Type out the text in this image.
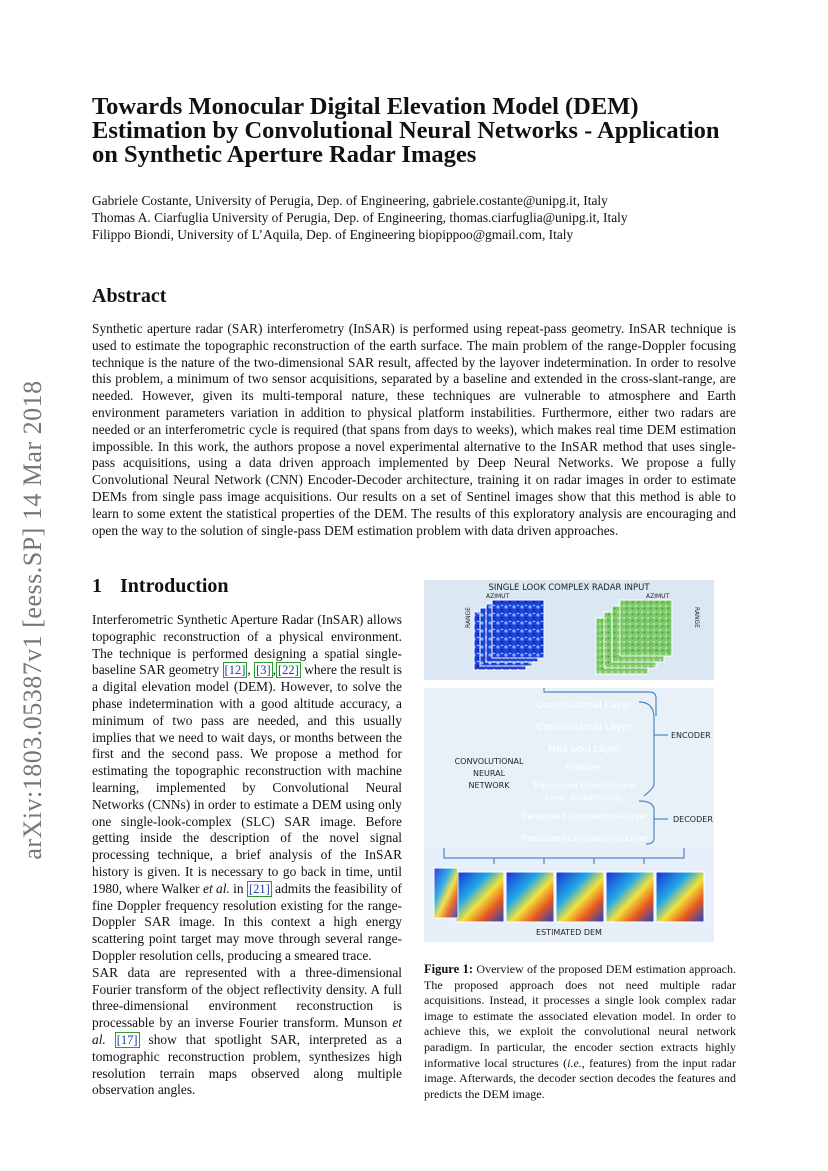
arXiv:1803.05387v1 [eess.SP] 14 Mar 2018
Towards Monocular Digital Elevation Model (DEM) Estimation by Convolutional Neural Networks - Application on Synthetic Aperture Radar Images
Gabriele Costante, University of Perugia, Dep. of Engineering, gabriele.costante@unipg.it, Italy
Thomas A. Ciarfuglia University of Perugia, Dep. of Engineering, thomas.ciarfuglia@unipg.it, Italy
Filippo Biondi, University of L’Aquila, Dep. of Engineering biopippoo@gmail.com, Italy
Abstract

Synthetic aperture radar (SAR) interferometry (InSAR) is performed using repeat-pass geometry. InSAR technique is used to estimate the topographic reconstruction of the earth surface. The main problem of the range-Doppler focusing technique is the nature of the two-dimensional SAR result, affected by the layover indetermination. In order to resolve this problem, a minimum of two sensor acquisitions, separated by a baseline and extended in the cross-slant-range, are needed. However, given its multi-temporal nature, these techniques are vulnerable to atmosphere and Earth environment parameters variation in addition to physical platform instabilities. Furthermore, either two radars are needed or an interferometric cycle is required (that spans from days to weeks), which makes real time DEM estimation impossible. In this work, the authors propose a novel experimental alternative to the InSAR method that uses single-pass acquisitions, using a data driven approach implemented by Deep Neural Networks. We propose a fully Convolutional Neural Network (CNN) Encoder-Decoder architecture, training it on radar images in order to estimate DEMs from single pass image acquisitions. Our results on a set of Sentinel images show that this method is able to learn to some extent the statistical properties of the DEM. The results of this exploratory analysis are encouraging and open the way to the solution of single-pass DEM estimation problem with data driven approaches.

1 Introduction

Interferometric Synthetic Aperture Radar (InSAR) allows topographic reconstruction of a physical environment. The technique is performed designing a spatial single-baseline SAR geometry [12] , [3] , [22] where the result is a digital elevation model (DEM). However, to solve the phase indetermination with a good altitude accuracy, a minimum of two pass are needed, and this usually implies that we need to wait days, or months between the first and the second pass. We propose a method for estimating the topographic reconstruction with machine learning, implemented by Convolutional Neural Networks (CNNs) in order to estimate a DEM using only one single-look-complex (SLC) SAR image. Before getting inside the description of the novel signal processing technique, a brief analysis of the InSAR history is given. It is necessary to go back in time, until 1980, where Walker et al. in [21] admits the feasibility of fine Doppler frequency resolution existing for the range-Doppler SAR image. In this context a high energy scattering point target may move through several range-Doppler resolution cells, producing a smeared trace.
SAR data are represented with a three-dimensional Fourier transform of the object reflectivity density. A full three-dimensional environment reconstruction is processable by an inverse Fourier transform. Munson et al. [17] show that spotlight SAR, interpreted as a tomographic reconstruction problem, synthesizes high resolution terrain maps observed along multiple observation angles.

SINGLE LOOK COMPLEX RADAR INPUT
AZIMUT	AZIMUT
RANGE	RANGE
Convolutional Layer
Convolutional Layer
Max pool Layer
Features
Transposed Convolutional Layer (Upsampling)
Transposed Convolutional Layer
Transposed Convolutional Layer
CONVOLUTIONAL
NEURAL
NETWORK
ENCODER
DECODER
ESTIMATED DEM

Figure 1: Overview of the proposed DEM estimation approach. The proposed approach does not need multiple radar acquisitions. Instead, it processes a single look complex radar image to estimate the associated elevation model. In order to achieve this, we exploit the convolutional neural network paradigm. In particular, the encoder section extracts highly informative local structures (i.e., features) from the input radar image. Afterwards, the decoder section decodes the features and predicts the DEM image.
